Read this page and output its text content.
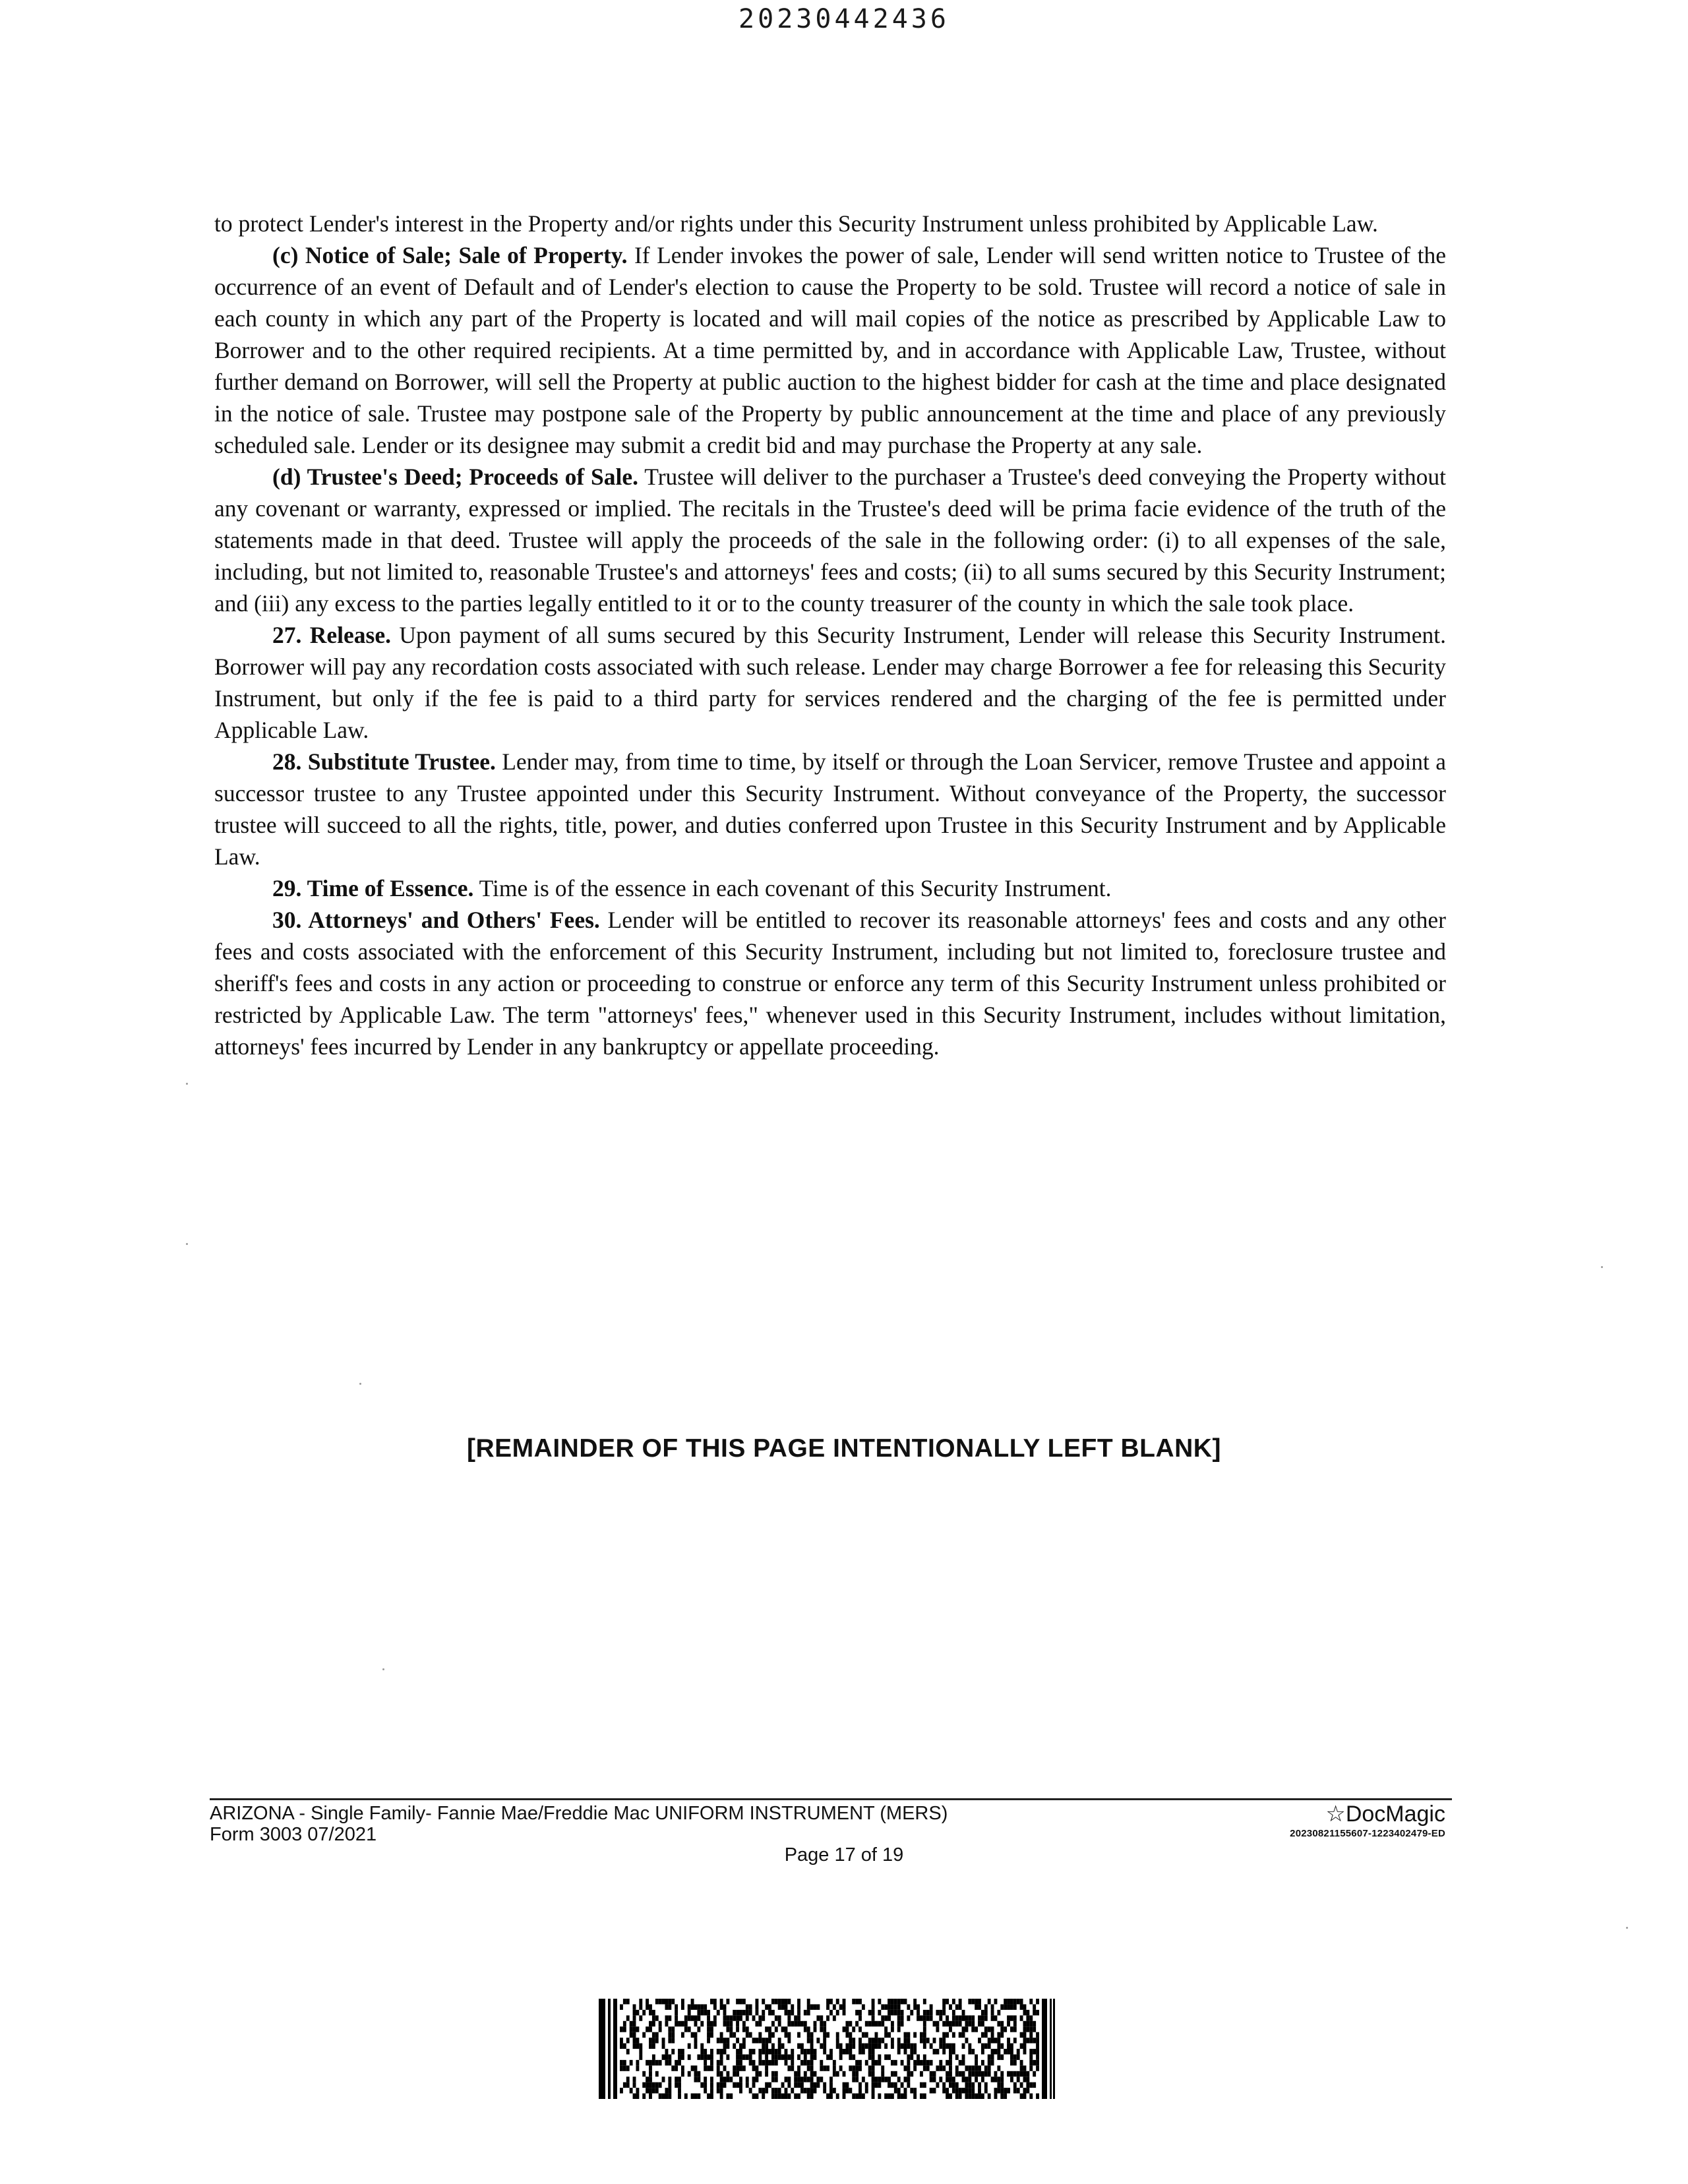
20230442436

to protect Lender's interest in the Property and/or rights under this Security Instrument unless prohibited by Applicable Law.

(c) Notice of Sale; Sale of Property. If Lender invokes the power of sale, Lender will send written notice to Trustee of the occurrence of an event of Default and of Lender's election to cause the Property to be sold. Trustee will record a notice of sale in each county in which any part of the Property is located and will mail copies of the notice as prescribed by Applicable Law to Borrower and to the other required recipients. At a time permitted by, and in accordance with Applicable Law, Trustee, without further demand on Borrower, will sell the Property at public auction to the highest bidder for cash at the time and place designated in the notice of sale. Trustee may postpone sale of the Property by public announcement at the time and place of any previously scheduled sale. Lender or its designee may submit a credit bid and may purchase the Property at any sale.

(d) Trustee's Deed; Proceeds of Sale. Trustee will deliver to the purchaser a Trustee's deed conveying the Property without any covenant or warranty, expressed or implied. The recitals in the Trustee's deed will be prima facie evidence of the truth of the statements made in that deed. Trustee will apply the proceeds of the sale in the following order: (i) to all expenses of the sale, including, but not limited to, reasonable Trustee's and attorneys' fees and costs; (ii) to all sums secured by this Security Instrument; and (iii) any excess to the parties legally entitled to it or to the county treasurer of the county in which the sale took place.

27. Release. Upon payment of all sums secured by this Security Instrument, Lender will release this Security Instrument. Borrower will pay any recordation costs associated with such release. Lender may charge Borrower a fee for releasing this Security Instrument, but only if the fee is paid to a third party for services rendered and the charging of the fee is permitted under Applicable Law.

28. Substitute Trustee. Lender may, from time to time, by itself or through the Loan Servicer, remove Trustee and appoint a successor trustee to any Trustee appointed under this Security Instrument. Without conveyance of the Property, the successor trustee will succeed to all the rights, title, power, and duties conferred upon Trustee in this Security Instrument and by Applicable Law.

29. Time of Essence. Time is of the essence in each covenant of this Security Instrument.

30. Attorneys' and Others' Fees. Lender will be entitled to recover its reasonable attorneys' fees and costs and any other fees and costs associated with the enforcement of this Security Instrument, including but not limited to, foreclosure trustee and sheriff's fees and costs in any action or proceeding to construe or enforce any term of this Security Instrument unless prohibited or restricted by Applicable Law. The term "attorneys' fees," whenever used in this Security Instrument, includes without limitation, attorneys' fees incurred by Lender in any bankruptcy or appellate proceeding.

[REMAINDER OF THIS PAGE INTENTIONALLY LEFT BLANK]
ARIZONA - Single Family- Fannie Mae/Freddie Mac UNIFORM INSTRUMENT (MERS)
Form 3003 07/2021
Page 17 of 19
☆DocMagic
20230821155607-1223402479-ED
